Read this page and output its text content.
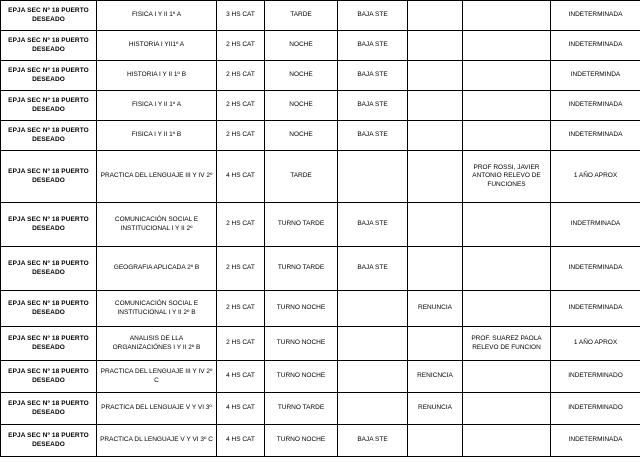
EPJA SEC Nº 18 PUERTO DESEADO	FISICA I Y II 1º A	3 HS CAT	TARDE	BAJA STE			INDETERMINADA
EPJA SEC Nº 18 PUERTO DESEADO	HISTORIA I YII1º A	2 HS CAT	NOCHE	BAJA STE			INDETERMINADA
EPJA SEC Nº 18 PUERTO DESEADO	HISTORIA I Y II 1º B	2 HS CAT	NOCHE	BAJA STE			INDETERMINDA
EPJA SEC Nº 18 PUERTO DESEADO	FISICA I Y II 1º A	2 HS CAT	NOCHE	BAJA STE			INDETERMINADA
EPJA SEC Nº 18 PUERTO DESEADO	FISICA I Y II 1º B	2 HS CAT	NOCHE	BAJA STE			INDETERMINADA
EPJA SEC Nº 18 PUERTO DESEADO	PRACTICA DEL LENGUAJE III Y IV 2º	4 HS CAT	TARDE			PROF ROSSI, JAVIER ANTONIO RELEVO DE FUNCIONES	1 AÑO APROX
EPJA SEC Nº 18 PUERTO DESEADO	COMUNICACIÓN SOCIAL E INSTITUCIONAL I Y II 2º	2 HS CAT	TURNO TARDE	BAJA STE			INDETRMINADA
EPJA SEC Nº 18 PUERTO DESEADO	GEOGRAFIA APLICADA 2º B	2 HS CAT	TURNO TARDE	BAJA STE			INDETERMINADA
EPJA SEC Nº 18 PUERTO DESEADO	COMUNICACIÓN SOCIAL E INSTITUCIONAL I Y II 2º B	2 HS CAT	TURNO NOCHE		RENUNCIA		INDETERMINADA
EPJA SEC Nº 18 PUERTO DESEADO	ANALISIS DE LLA ORGANIZACIÓNES I Y II 2º B	2 HS CAT	TURNO NOCHE			PROF. SUAREZ PAOLA RELEVO DE FUNCION	1 AÑO APROX
EPJA SEC Nº 18 PUERTO DESEADO	PRACTICA DEL LENGUAJE III Y IV 2º C	4 HS CAT	TURNO NOCHE		RENICNCIA		INDETERMINADO
EPJA SEC Nº 18 PUERTO DESEADO	PRACTICA DEL LENGUAJE V Y VI 3º	4 HS CAT	TURNO TARDE		RENUNCIA		INDETERMINADO
EPJA SEC Nº 18 PUERTO DESEADO	PRACTICA DL LENGUAJE V Y VI 3º C	4 HS CAT	TURNO NOCHE	BAJA STE			INDETERMINADA
